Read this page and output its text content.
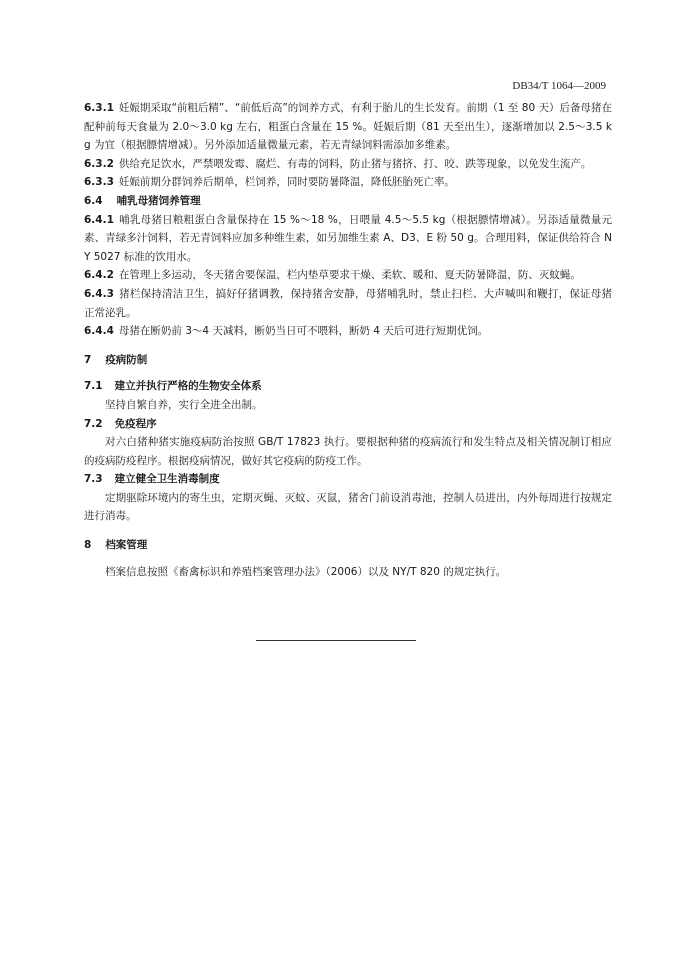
DB34/T 1064—2009

6.3.1 妊娠期采取“前粗后精”、“前低后高”的饲养方式，有利于胎儿的生长发育。前期（1 至 80 天）后备母猪在配种前每天食量为 2.0～3.0 kg 左右，粗蛋白含量在 15 %。妊娠后期（81 天至出生），逐渐增加以 2.5～3.5 kg 为宜（根据膘情增减）。另外添加适量微量元素，若无青绿饲料需添加多维素。

6.3.2 供给充足饮水，严禁喂发霉、腐烂、有毒的饲料，防止猪与猪挤、打、咬、跌等现象，以免发生流产。

6.3.3 妊娠前期分群饲养后期单，栏饲养，同时要防暑降温，降低胚胎死亡率。

6.4 哺乳母猪饲养管理

6.4.1 哺乳母猪日粮粗蛋白含量保持在 15 %～18 %，日喂量 4.5～5.5 kg（根据膘情增减）。另添适量微量元素、青绿多汁饲料，若无青饲料应加多种维生素，如另加维生素 A、D3、E 粉 50 g。合理用料，保证供给符合 NY 5027 标准的饮用水。

6.4.2 在管理上多运动，冬天猪舍要保温，栏内垫草要求干燥、柔软、暖和、夏天防暑降温，防、灭蚊蝇。

6.4.3 猪栏保持清洁卫生，搞好仔猪调教，保持猪舍安静，母猪哺乳时，禁止扫栏、大声喊叫和鞭打，保证母猪正常泌乳。

6.4.4 母猪在断奶前 3～4 天减料，断奶当日可不喂料，断奶 4 天后可进行短期优饲。

7 疫病防制

7.1 建立并执行严格的生物安全体系

坚持自繁自养，实行全进全出制。

7.2 免疫程序

对六白猪种猪实施疫病防治按照 GB/T 17823 执行。要根据种猪的疫病流行和发生特点及相关情况制订相应的疫病防疫程序。根据疫病情况，做好其它疫病的防疫工作。

7.3 建立健全卫生消毒制度

定期驱除环境内的寄生虫，定期灭蝇、灭蚊、灭鼠，猪舍门前设消毒池，控制人员进出，内外每周进行按规定进行消毒。

8 档案管理

档案信息按照《畜禽标识和养殖档案管理办法》（2006）以及 NY/T 820 的规定执行。
